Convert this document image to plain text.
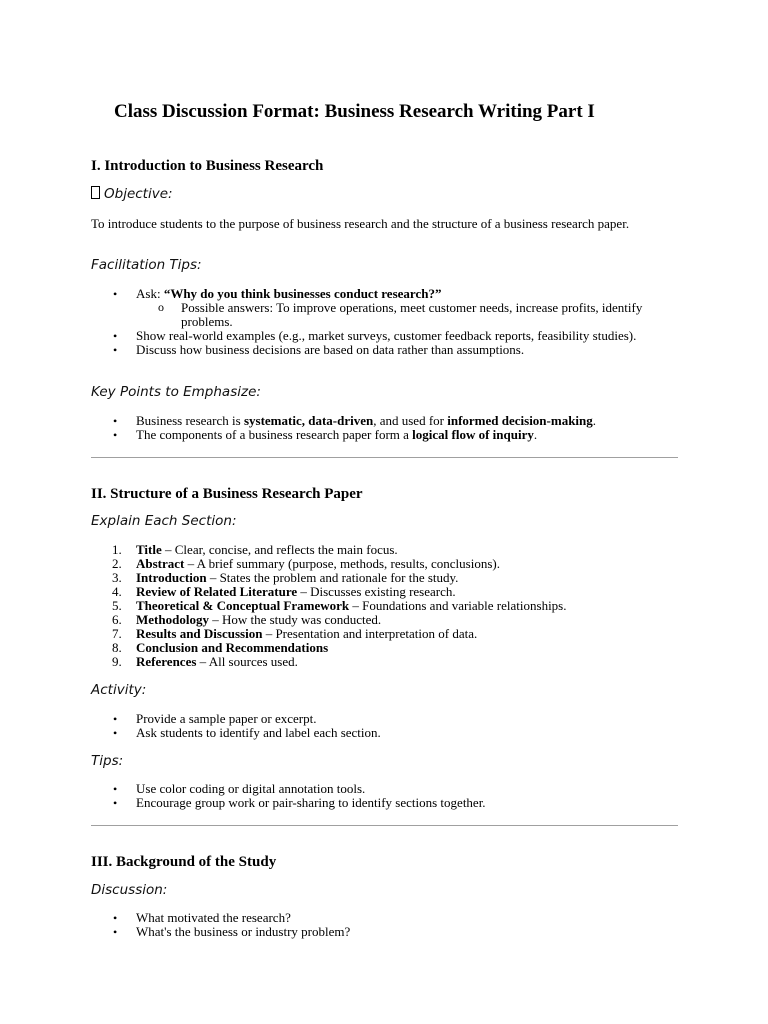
Class Discussion Format: Business Research Writing Part I
I. Introduction to Business Research

Objective:

To introduce students to the purpose of business research and the structure of a business research paper.

Facilitation Tips:

• Ask: “Why do you think businesses conduct research?”
o Possible answers: To improve operations, meet customer needs, increase profits, identify problems.
• Show real-world examples (e.g., market surveys, customer feedback reports, feasibility studies).
• Discuss how business decisions are based on data rather than assumptions.

Key Points to Emphasize:

• Business research is systematic, data-driven, and used for informed decision-making.
• The components of a business research paper form a logical flow of inquiry.
II. Structure of a Business Research Paper

Explain Each Section:

1. Title – Clear, concise, and reflects the main focus.
2. Abstract – A brief summary (purpose, methods, results, conclusions).
3. Introduction – States the problem and rationale for the study.
4. Review of Related Literature – Discusses existing research.
5. Theoretical & Conceptual Framework – Foundations and variable relationships.
6. Methodology – How the study was conducted.
7. Results and Discussion – Presentation and interpretation of data.
8. Conclusion and Recommendations
9. References – All sources used.

Activity:

• Provide a sample paper or excerpt.
• Ask students to identify and label each section.

Tips:

• Use color coding or digital annotation tools.
• Encourage group work or pair-sharing to identify sections together.
III. Background of the Study

Discussion:

• What motivated the research?
• What's the business or industry problem?
